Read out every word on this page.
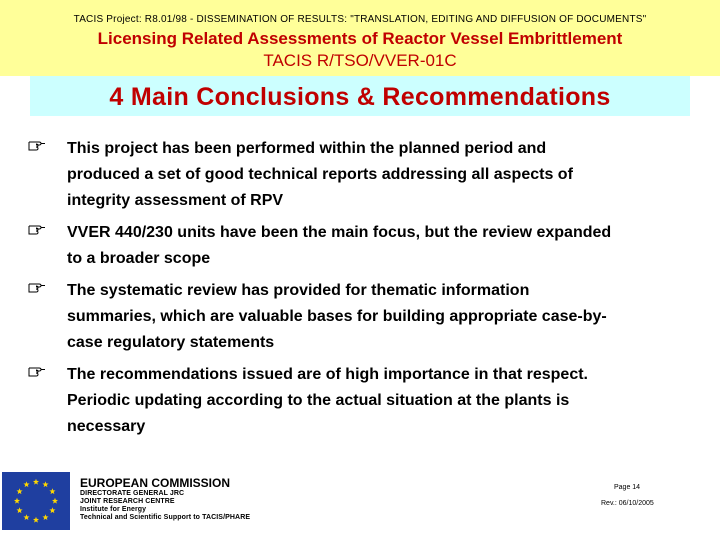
TACIS Project: R8.01/98 - DISSEMINATION OF RESULTS: "TRANSLATION, EDITING AND DIFFUSION OF DOCUMENTS"
Licensing Related Assessments of Reactor Vessel Embrittlement
TACIS R/TSO/VVER-01C
4 Main Conclusions & Recommendations
This project has been performed within the planned period and
produced a set of good technical reports addressing all aspects of
integrity assessment of RPV
VVER 440/230 units have been the main focus, but the review expanded
to a broader scope
The systematic review has provided for thematic information
summaries, which are valuable bases for building appropriate case-by-
case regulatory statements
The recommendations issued are of high importance in that respect.
Periodic updating according to the actual situation at the plants is
necessary
EUROPEAN COMMISSION
DIRECTORATE GENERAL JRC
JOINT RESEARCH CENTRE
Institute for Energy
Technical and Scientific Support to TACIS/PHARE
Page 14
Rev.: 06/10/2005
